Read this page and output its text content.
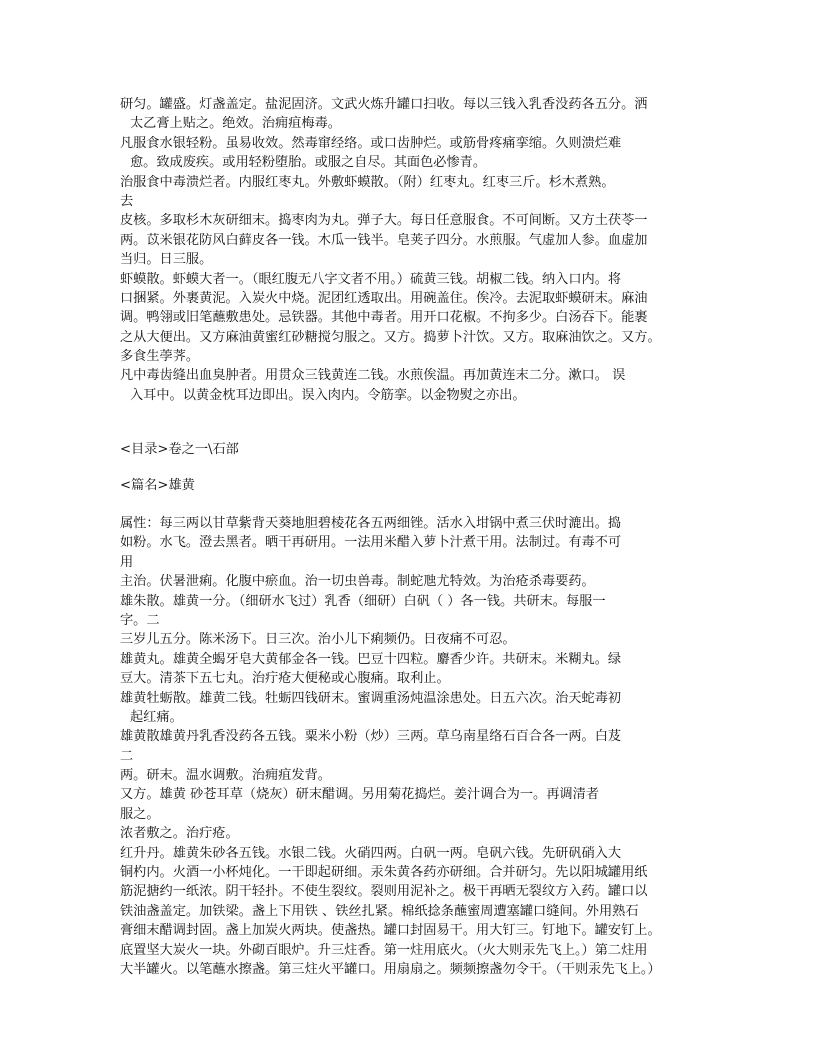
研匀。罐盛。灯盏盖定。盐泥固济。文武火炼升罐口扫收。每以三钱入乳香没药各五分。洒
太乙膏上贴之。绝效。治痈疽梅毒。
凡服食水银轻粉。虽易收效。然毒窜经络。或口齿肿烂。或筋骨疼痛挛缩。久则溃烂难
愈。致成废疾。或用轻粉堕胎。或服之自尽。其面色必惨青。
治服食中毒溃烂者。内服红枣丸。外敷虾蟆散。（附）红枣丸。红枣三斤。杉木煮熟。
去
皮核。多取杉木灰研细末。捣枣肉为丸。弹子大。每日任意服食。不可间断。又方土茯苓一
两。苡米银花防风白藓皮各一钱。木瓜一钱半。皂荚子四分。水煎服。气虚加人参。血虚加
当归。日三服。
虾蟆散。虾蟆大者一。（眼红腹无八字文者不用。）硫黄三钱。胡椒二钱。纳入口内。将
口捆紧。外裹黄泥。入炭火中烧。泥团红透取出。用碗盖住。俟冷。去泥取虾蟆研末。麻油
调。鸭翎或旧笔蘸敷患处。忌铁器。其他中毒者。用开口花椒。不拘多少。白汤吞下。能裹
之从大便出。又方麻油黄蜜红砂糖搅匀服之。又方。捣萝卜汁饮。又方。取麻油饮之。又方。
多食生荸荠。
凡中毒齿缝出血臭肿者。用贯众三钱黄连二钱。水煎俟温。再加黄连末二分。漱口。 误
入耳中。以黄金枕耳边即出。误入肉内。令筋挛。以金物熨之亦出。
<目录>卷之一\石部
<篇名>雄黄
属性：每三两以甘草紫背天葵地胆碧棱花各五两细锉。活水入坩锅中煮三伏时漉出。捣
如粉。水飞。澄去黑者。晒干再研用。一法用米醋入萝卜汁煮干用。法制过。有毒不可
用
主治。伏暑泄痢。化腹中瘀血。治一切虫兽毒。制蛇虺尤特效。为治疮杀毒要药。
雄朱散。雄黄一分。（细研水飞过）乳香（细研）白矾（ ）各一钱。共研末。每服一
字。二
三岁儿五分。陈米汤下。日三次。治小儿下痢频仍。日夜痛不可忍。
雄黄丸。雄黄全蝎牙皂大黄郁金各一钱。巴豆十四粒。麝香少许。共研末。米糊丸。绿
豆大。清茶下五七丸。治疔疮大便秘或心腹痛。取利止。
雄黄牡蛎散。雄黄二钱。牡蛎四钱研末。蜜调重汤炖温涂患处。日五六次。治天蛇毒初
起红痛。
雄黄散雄黄丹乳香没药各五钱。粟米小粉（炒）三两。草乌南星络石百合各一两。白芨
二
两。研末。温水调敷。治痈疽发背。
又方。雄黄 砂苍耳草（烧灰）研末醋调。另用菊花捣烂。姜汁调合为一。再调清者
服之。
浓者敷之。治疔疮。
红升丹。雄黄朱砂各五钱。水银二钱。火硝四两。白矾一两。皂矾六钱。先研矾硝入大
铜杓内。火酒一小杯炖化。一干即起研细。汞朱黄各药亦研细。合并研匀。先以阳城罐用纸
筋泥搪约一纸浓。阴干轻扑。不使生裂纹。裂则用泥补之。极干再晒无裂纹方入药。罐口以
铁油盏盖定。加铁梁。盏上下用铁 、铁丝扎紧。棉纸捻条蘸蜜周遭塞罐口缝间。外用熟石
膏细末醋调封固。盏上加炭火两块。使盏热。罐口封固易干。用大钉三。钉地下。罐安钉上。
底置坚大炭火一块。外砌百眼炉。升三炷香。第一炷用底火。（火大则汞先飞上。）第二炷用
大半罐火。以笔蘸水擦盏。第三炷火平罐口。用扇扇之。频频擦盏勿令干。（干则汞先飞上。）
